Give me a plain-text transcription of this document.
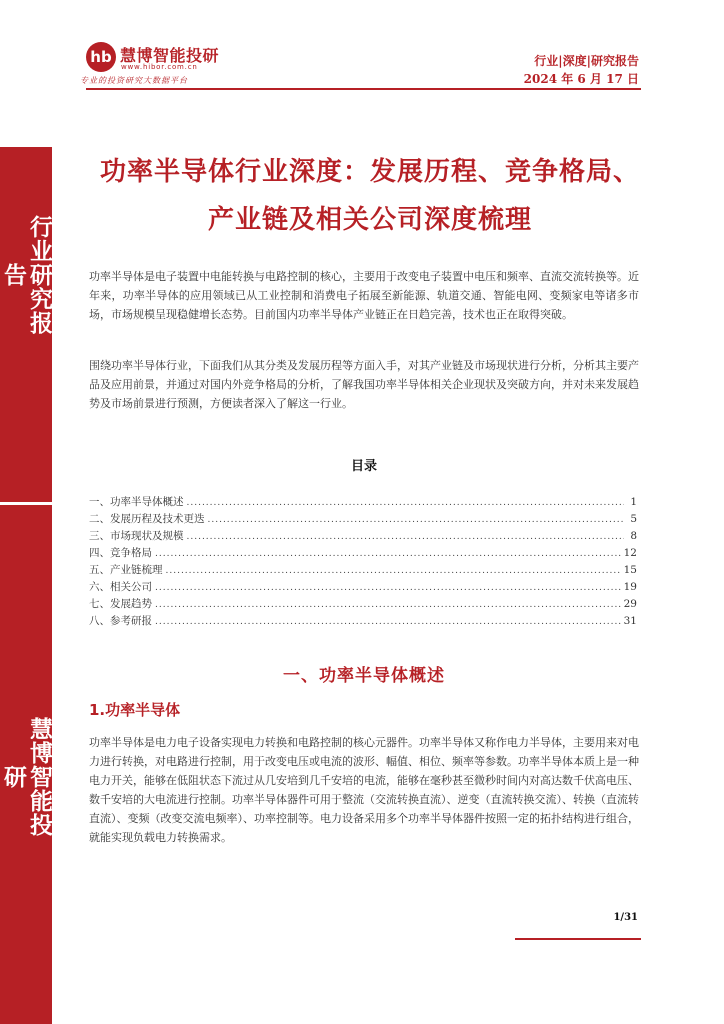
行业研究报告
慧博智能投研
hb 慧博智能投研
www.hibor.com.cn
专业的投资研究大数据平台
行业|深度|研究报告
2024 年 6 月 17 日
功率半导体行业深度：发展历程、竞争格局、
产业链及相关公司深度梳理
功率半导体是电子装置中电能转换与电路控制的核心，主要用于改变电子装置中电压和频率、直流交流转换等。近年来，功率半导体的应用领域已从工业控制和消费电子拓展至新能源、轨道交通、智能电网、变频家电等诸多市场，市场规模呈现稳健增长态势。目前国内功率半导体产业链正在日趋完善，技术也正在取得突破。
围绕功率半导体行业，下面我们从其分类及发展历程等方面入手，对其产业链及市场现状进行分析，分析其主要产品及应用前景，并通过对国内外竞争格局的分析，了解我国功率半导体相关企业现状及突破方向，并对未来发展趋势及市场前景进行预测，方便读者深入了解这一行业。
目录
一、功率半导体概述 .....	1
二、发展历程及技术更迭 .....	5
三、市场现状及规模 .....	8
四、竞争格局 .....	12
五、产业链梳理 .....	15
六、相关公司 .....	19
七、发展趋势 .....	29
八、参考研报 .....	31
一、功率半导体概述
1.功率半导体
功率半导体是电力电子设备实现电力转换和电路控制的核心元器件。功率半导体又称作电力半导体，主要用来对电力进行转换，对电路进行控制，用于改变电压或电流的波形、幅值、相位、频率等参数。功率半导体本质上是一种电力开关，能够在低阻状态下流过从几安培到几千安培的电流，能够在毫秒甚至微秒时间内对高达数千伏高电压、数千安培的大电流进行控制。功率半导体器件可用于整流（交流转换直流）、逆变（直流转换交流）、转换（直流转直流）、变频（改变交流电频率）、功率控制等。电力设备采用多个功率半导体器件按照一定的拓扑结构进行组合，就能实现负载电力转换需求。
1/31
